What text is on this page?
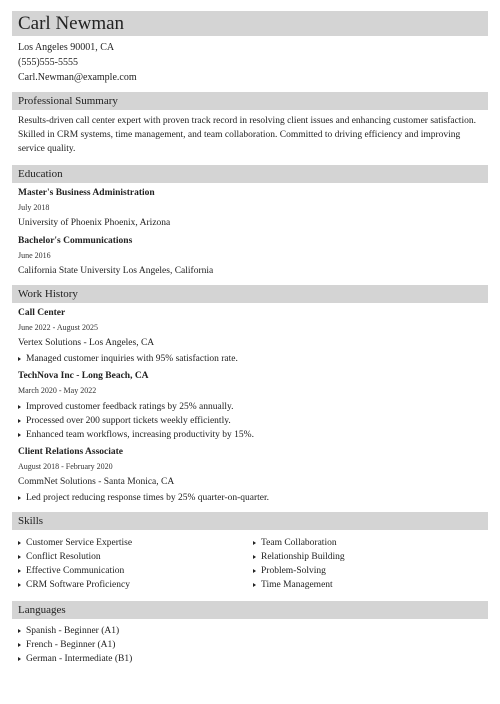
Carl Newman
Los Angeles 90001, CA
(555)555-5555
Carl.Newman@example.com
Professional Summary

Results-driven call center expert with proven track record in resolving client issues and enhancing customer satisfaction. Skilled in CRM systems, time management, and team collaboration. Committed to driving efficiency and improving service quality.

Education
Master's Business Administration
July 2018
University of Phoenix Phoenix, Arizona
Bachelor's Communications
June 2016
California State University Los Angeles, California
Work History
Call Center
June 2022 - August 2025
Vertex Solutions - Los Angeles, CA
Managed customer inquiries with 95% satisfaction rate.
TechNova Inc - Long Beach, CA
March 2020 - May 2022
Improved customer feedback ratings by 25% annually.
Processed over 200 support tickets weekly efficiently.
Enhanced team workflows, increasing productivity by 15%.
Client Relations Associate
August 2018 - February 2020
CommNet Solutions - Santa Monica, CA
Led project reducing response times by 25% quarter-on-quarter.
Skills
Customer Service Expertise
Conflict Resolution
Effective Communication
CRM Software Proficiency
Team Collaboration
Relationship Building
Problem-Solving
Time Management
Languages
Spanish - Beginner (A1)
French - Beginner (A1)
German - Intermediate (B1)
